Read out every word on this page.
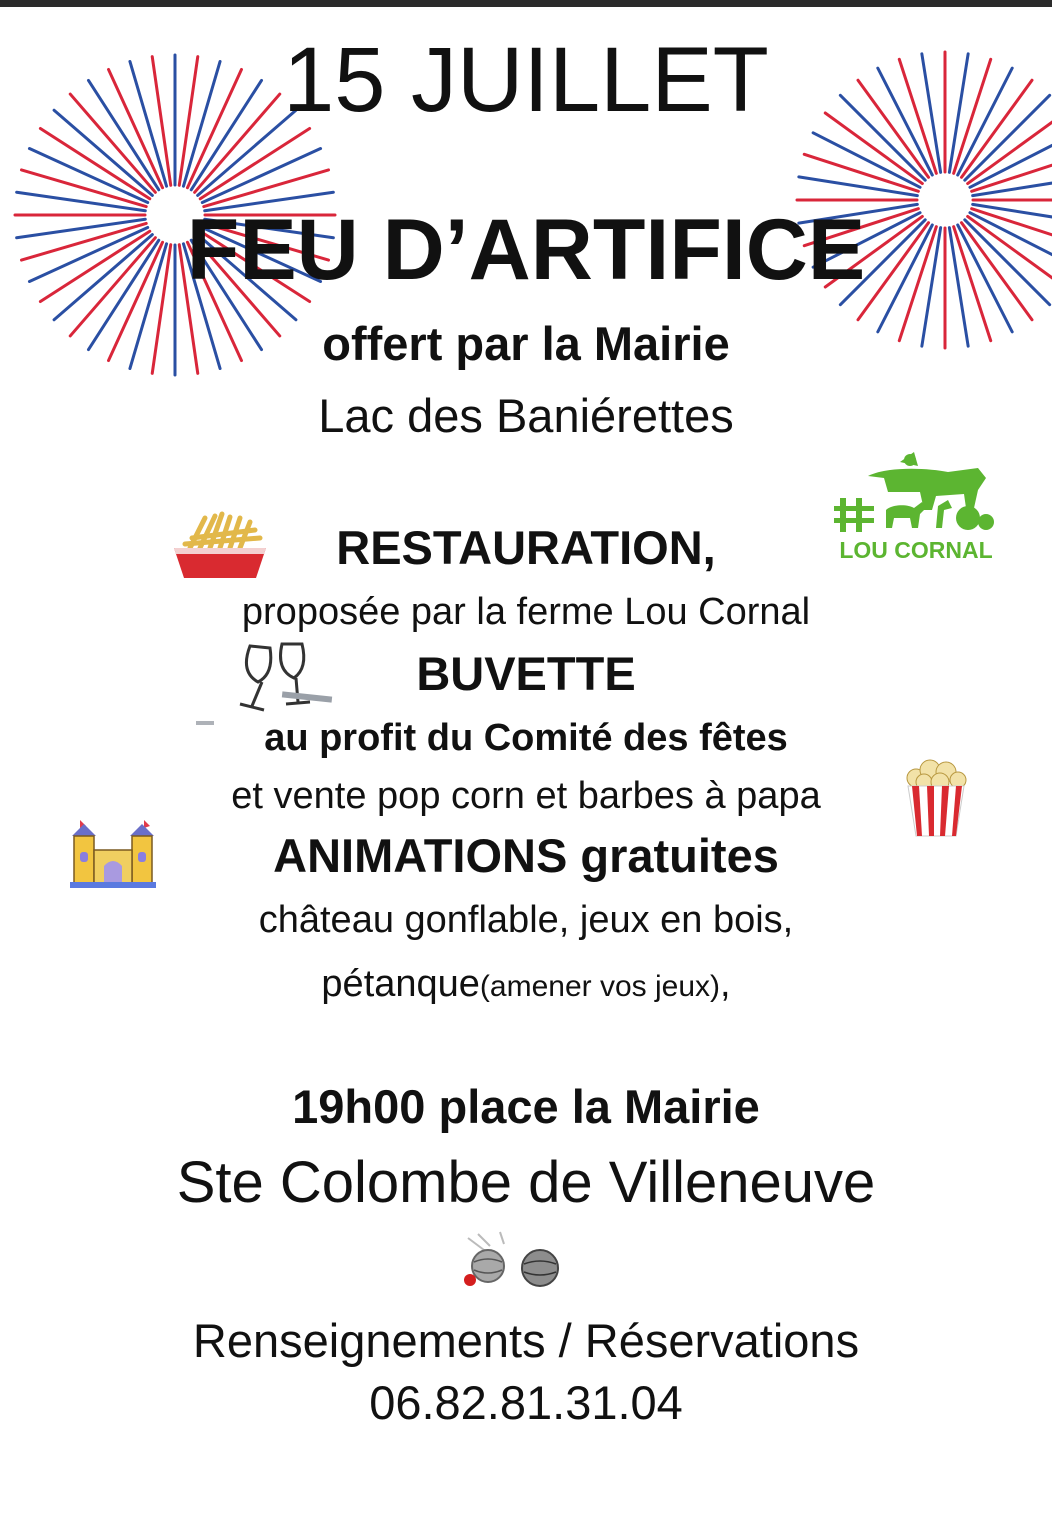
15 JUILLET
FEU D’ARTIFICE
offert par la Mairie
Lac des Baniérettes
RESTAURATION,	LOU CORNAL
proposée par la ferme Lou Cornal
BUVETTE
au profit du Comité des fêtes
et vente pop corn et barbes à papa
ANIMATIONS gratuites
château gonflable, jeux en bois,
pétanque(amener vos jeux),
19h00 place la Mairie
Ste Colombe de Villeneuve
Renseignements / Réservations
06.82.81.31.04
